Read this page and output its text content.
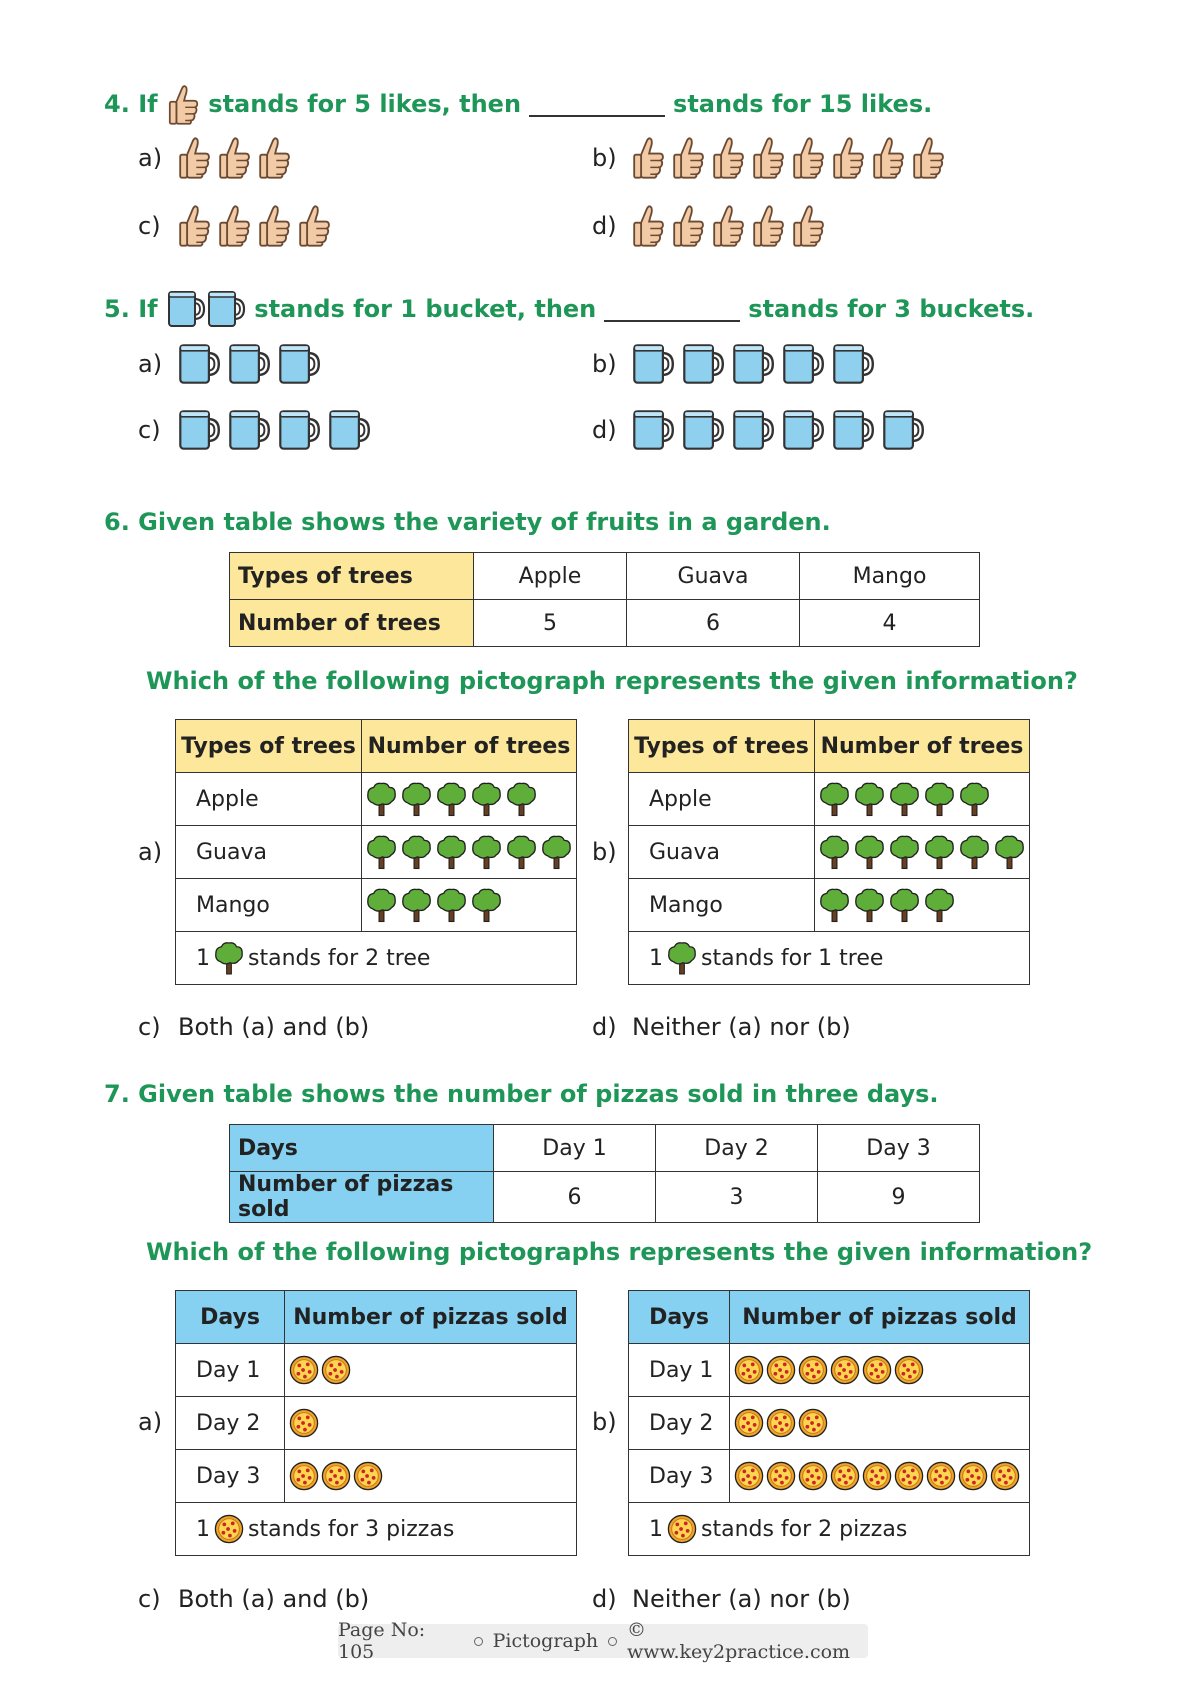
4.
If

stands for 5 likes, then	stands for 15 likes.
a)	b)
c)	d)
5.
If

	stands for 1 bucket, then	stands for 3 buckets.
a)	b)
c)	d)
6. Given table shows the variety of fruits in a garden.
Types of trees	Apple	Guava	Mango
Number of trees	5	6	4
Which of the following pictograph represents the given information?
a)
Types of trees	Number of trees
Apple	

Guava	

Mango	

1 stands for 2 tree	
b)
Types of trees	Number of trees
Apple	

Guava	

Mango	

1 stands for 1 tree	
c) Both (a) and (b)	d) Neither (a) nor (b)
7. Given table shows the number of pizzas sold in three days.
Days	Day 1	Day 2	Day 3
Number of pizzas sold	6	3	9
Which of the following pictographs represents the given information?
a)
Days	Number of pizzas sold
Day 1	

Day 2	

Day 3	

1 stands for 3 pizzas	
b)
Days	Number of pizzas sold
Day 1	

Day 2	

Day 3	

1 stands for 2 pizzas	
c) Both (a) and (b)	d) Neither (a) nor (b)
Page No: 105	Pictograph © www.key2practice.com
